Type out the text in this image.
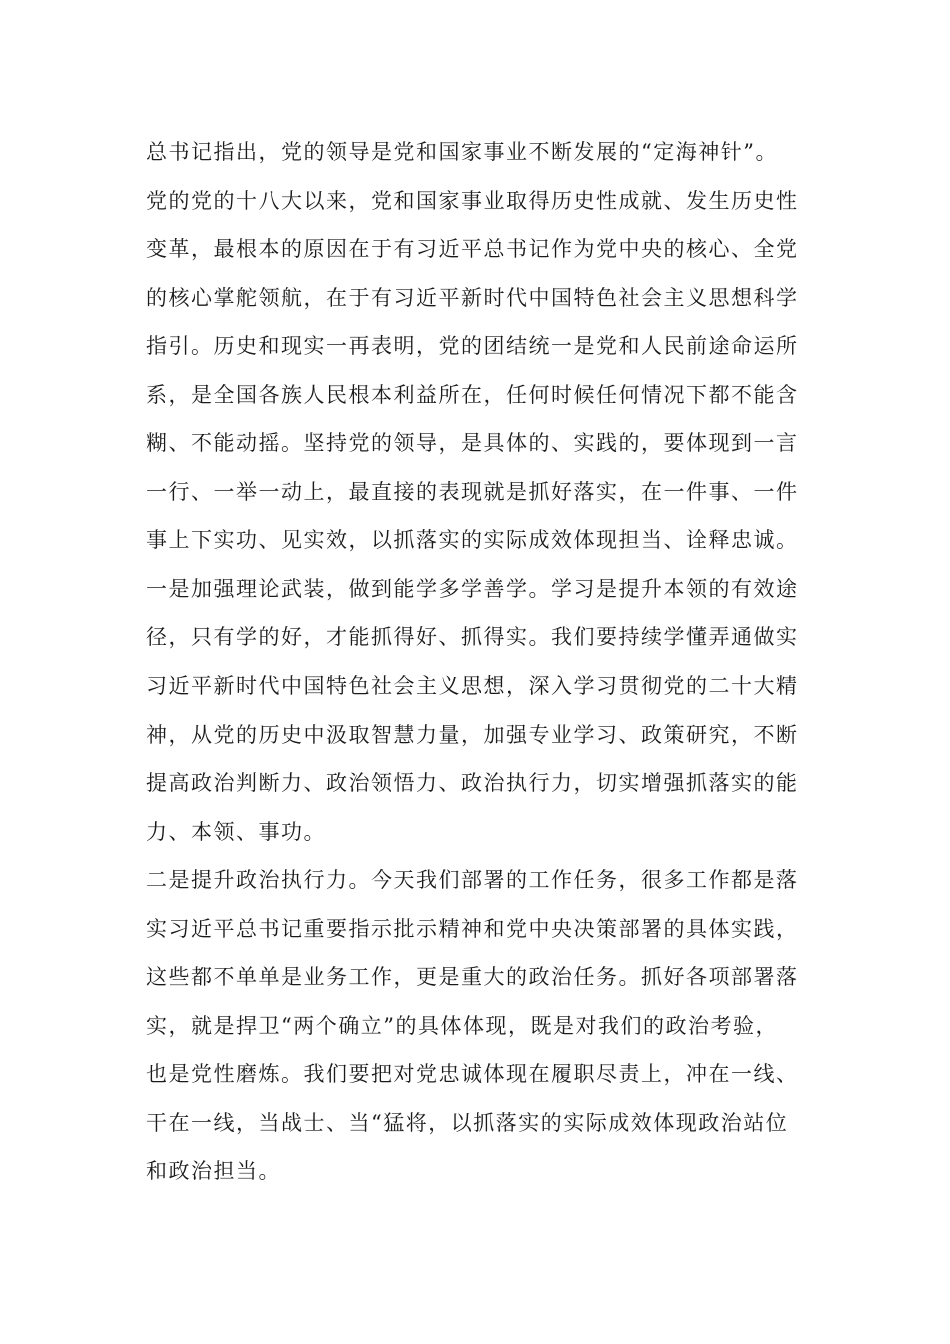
总书记指出，党的领导是党和国家事业不断发展的“定海神针”。
党的党的十八大以来，党和国家事业取得历史性成就、发生历史性
变革，最根本的原因在于有习近平总书记作为党中央的核心、全党
的核心掌舵领航，在于有习近平新时代中国特色社会主义思想科学
指引。历史和现实一再表明，党的团结统一是党和人民前途命运所
系，是全国各族人民根本利益所在，任何时候任何情况下都不能含
糊、不能动摇。坚持党的领导，是具体的、实践的，要体现到一言
一行、一举一动上，最直接的表现就是抓好落实，在一件事、一件
事上下实功、见实效，以抓落实的实际成效体现担当、诠释忠诚。
一是加强理论武装，做到能学多学善学。学习是提升本领的有效途
径，只有学的好，才能抓得好、抓得实。我们要持续学懂弄通做实
习近平新时代中国特色社会主义思想，深入学习贯彻党的二十大精
神，从党的历史中汲取智慧力量，加强专业学习、政策研究，不断
提高政治判断力、政治领悟力、政治执行力，切实增强抓落实的能
力、本领、事功。
二是提升政治执行力。今天我们部署的工作任务，很多工作都是落
实习近平总书记重要指示批示精神和党中央决策部署的具体实践，
这些都不单单是业务工作，更是重大的政治任务。抓好各项部署落
实，就是捍卫“两个确立”的具体体现，既是对我们的政治考验，
也是党性磨炼。我们要把对党忠诚体现在履职尽责上，冲在一线、
干在一线，当战士、当“猛将，以抓落实的实际成效体现政治站位
和政治担当。
